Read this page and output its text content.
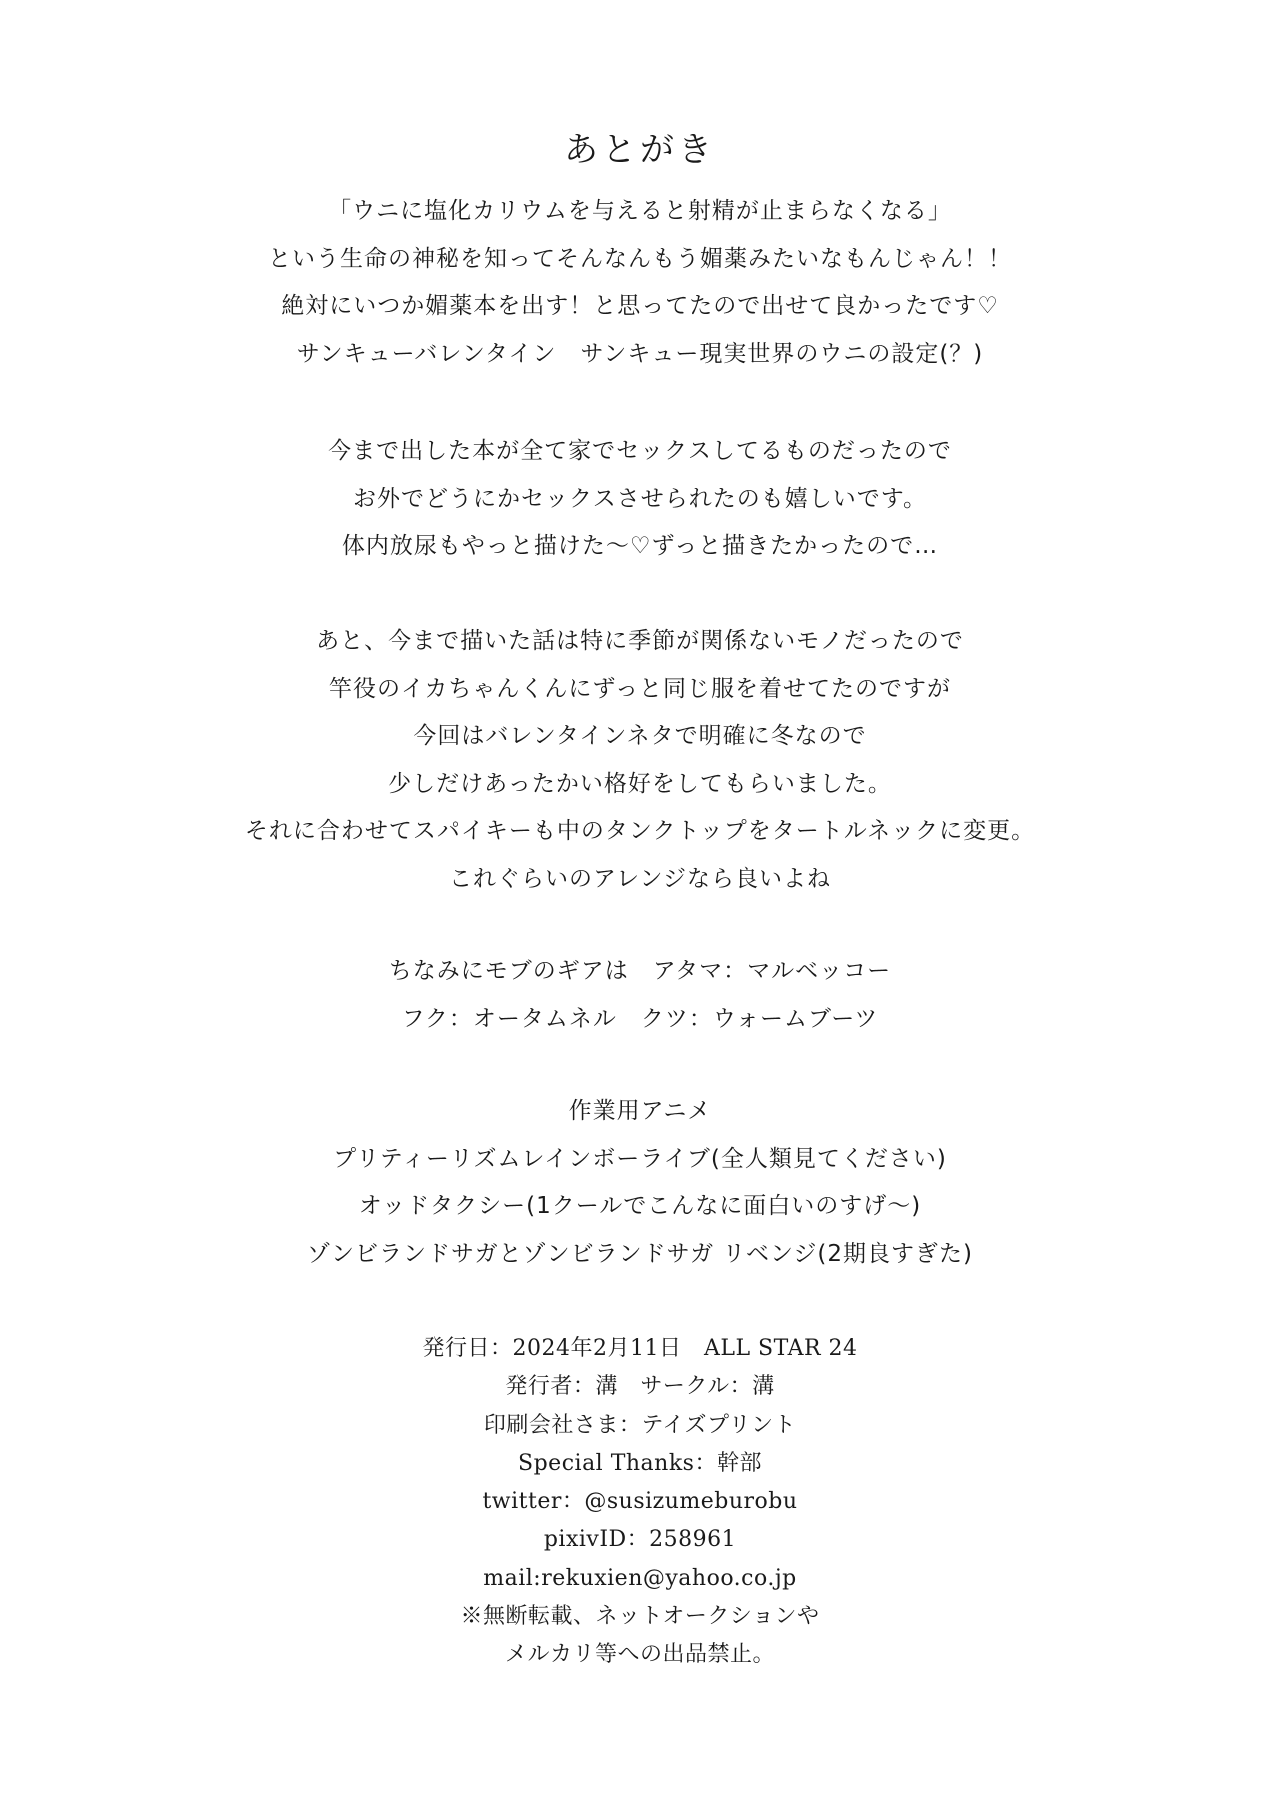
あとがき
「ウニに塩化カリウムを与えると射精が止まらなくなる」
という生命の神秘を知ってそんなんもう媚薬みたいなもんじゃん！！
絶対にいつか媚薬本を出す！と思ってたので出せて良かったです♡
サンキューバレンタイン　サンキュー現実世界のウニの設定(？)
今まで出した本が全て家でセックスしてるものだったので
お外でどうにかセックスさせられたのも嬉しいです。
体内放尿もやっと描けた～♡ずっと描きたかったので…
あと、今まで描いた話は特に季節が関係ないモノだったので
竿役のイカちゃんくんにずっと同じ服を着せてたのですが
今回はバレンタインネタで明確に冬なので
少しだけあったかい格好をしてもらいました。
それに合わせてスパイキーも中のタンクトップをタートルネックに変更。
これぐらいのアレンジなら良いよね
ちなみにモブのギアは　アタマ：マルベッコー
フク：オータムネル　クツ：ウォームブーツ
作業用アニメ
プリティーリズムレインボーライブ(全人類見てください)
オッドタクシー(1クールでこんなに面白いのすげ～)
ゾンビランドサガとゾンビランドサガ リベンジ(2期良すぎた)
発行日：2024年2月11日　ALL STAR 24
発行者：溝　サークル：溝
印刷会社さま：テイズプリント
Special Thanks：幹部
twitter：@susizumeburobu
pixivID：258961
mail:rekuxien@yahoo.co.jp
※無断転載、ネットオークションや
メルカリ等への出品禁止。
